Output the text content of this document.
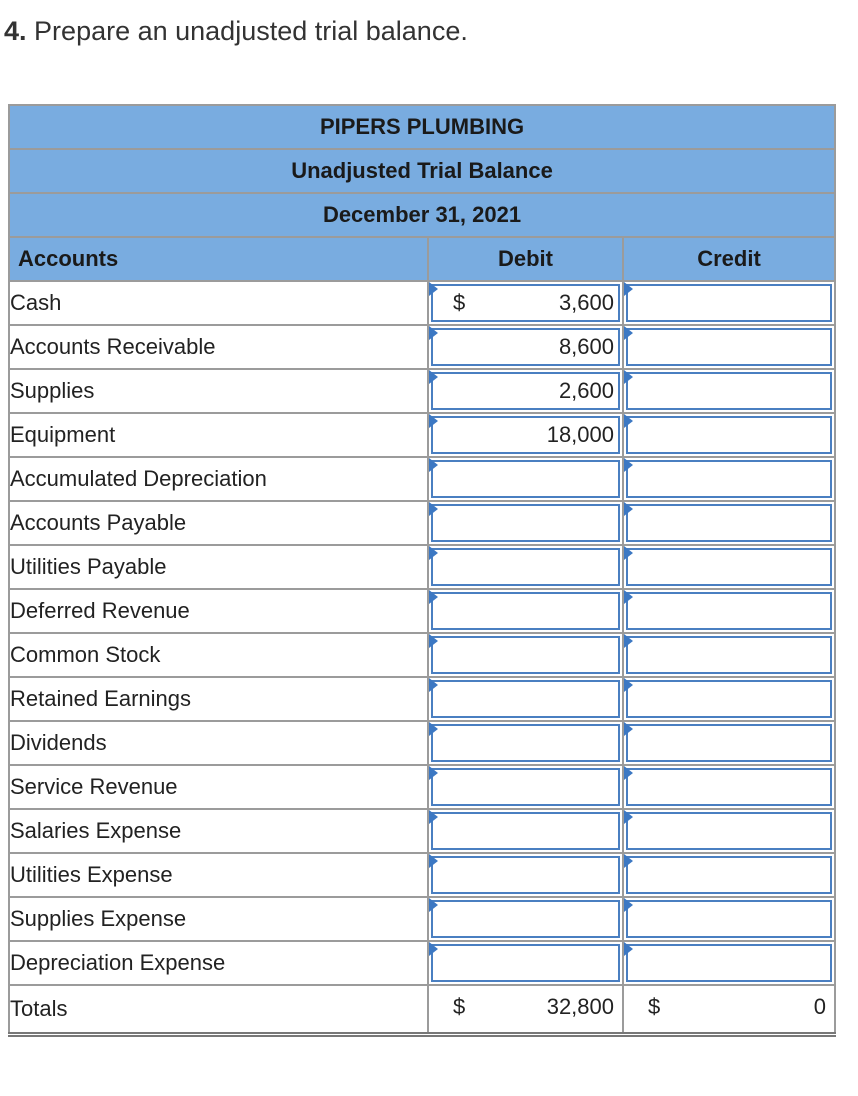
4. Prepare an unadjusted trial balance.
PIPERS PLUMBING		
Unadjusted Trial Balance		
December 31, 2021		
Accounts	Debit	Credit
Cash	$ 3,600	

Accounts Receivable	8,600	

Supplies	2,600	

Equipment	18,000	

Accumulated Depreciation	

Accounts Payable	

Utilities Payable	

Deferred Revenue	

Common Stock	

Retained Earnings	

Dividends	

Service Revenue	

Salaries Expense	

Utilities Expense	

Supplies Expense	

Depreciation Expense	

Totals	$ 32,800	$ 0
